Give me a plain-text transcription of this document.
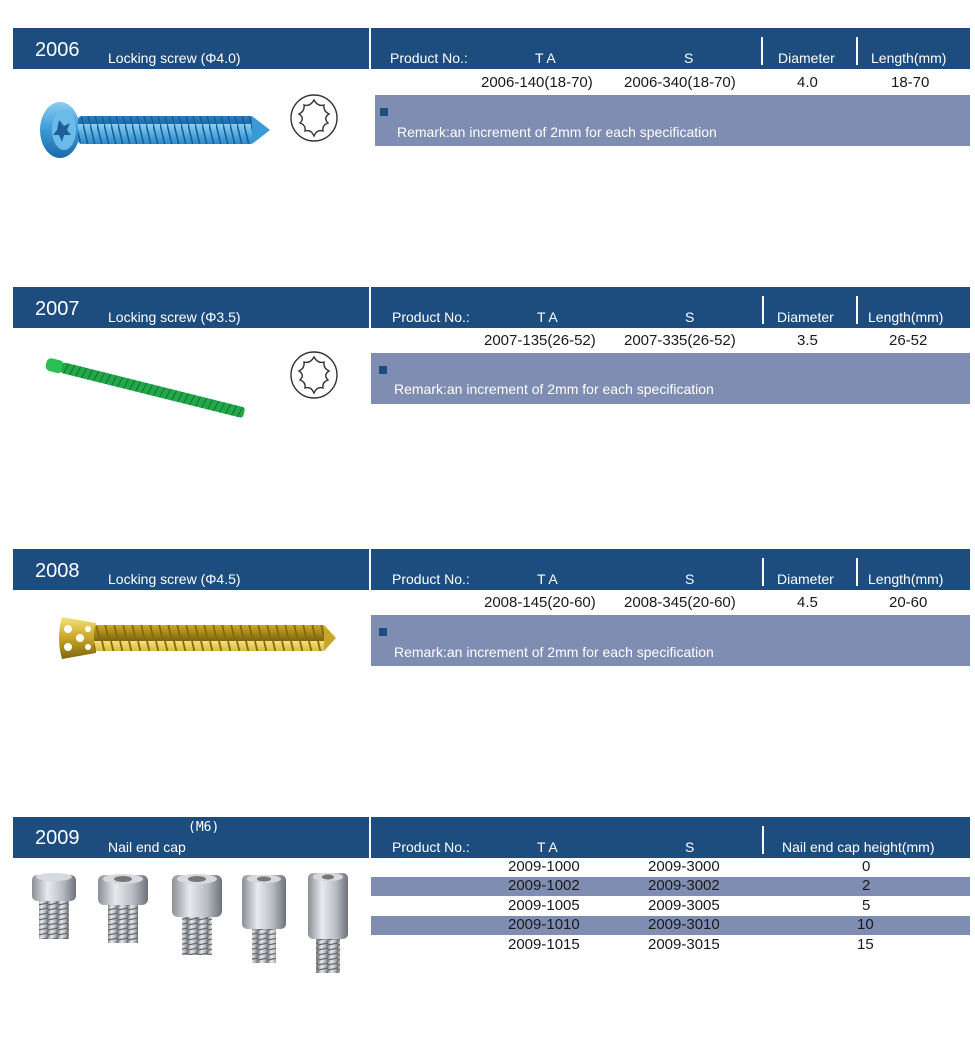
2006 Locking screw (Φ4.0)	Product No.:	T A	S	Diameter	Length(mm)
2006-140(18-70) 2006-340(18-70)	4.0	18-70
Remark:an increment of 2mm for each specification
2007 Locking screw (Φ3.5)	Product No.:	T A	S	Diameter Length(mm)
2007-135(26-52) 2007-335(26-52)	3.5	26-52
Remark:an increment of 2mm for each specification
2008 Locking screw (Φ4.5)	Product No.:	T A	S	Diameter Length(mm)
2008-145(20-60) 2008-345(20-60)	4.5	20-60
Remark:an increment of 2mm for each specification
2009 Nail end cap
(M6)
Product No.:	T A	S	Nail end cap height(mm)
2009-1000	2009-3000	0
2009-1002	2009-3002	2
2009-1005	2009-3005	5
2009-1010	2009-3010	10
2009-1015	2009-3015	15
